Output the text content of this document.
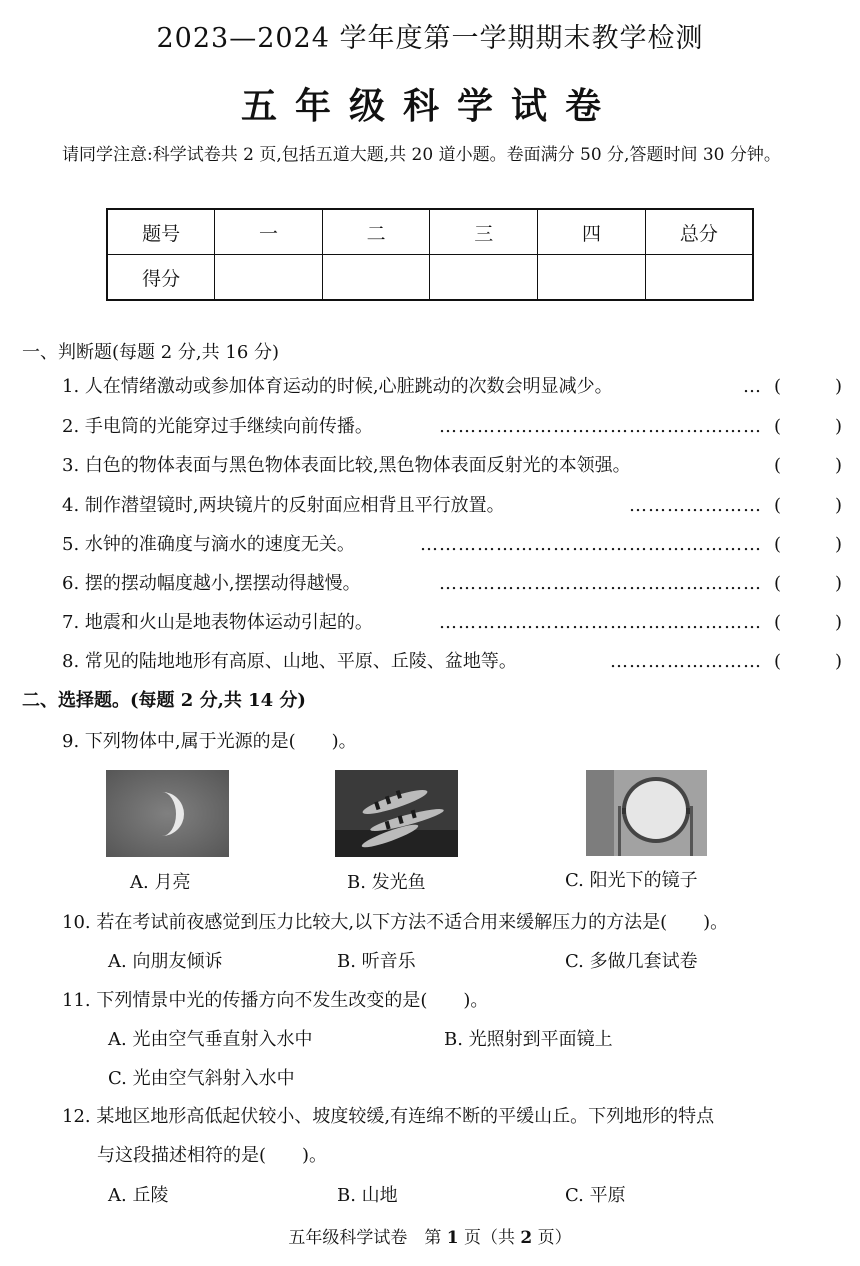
2023—2024 学年度第一学期期末教学检测
五年级科学试卷
请同学注意:科学试卷共 2 页,包括五道大题,共 20 道小题。卷面满分 50 分,答题时间 30 分钟。
题号	一	二	三	四	总分
得分					
一、判断题(每题 2 分,共 16 分)
1. 人在情绪激动或参加体育运动的时候,心脏跳动的次数会明显减少。	… (	)
2. 手电筒的光能穿过手继续向前传播。	…………………………………………… (	)
3. 白色的物体表面与黑色物体表面比较,黑色物体表面反射光的本领强。	(	)
4. 制作潜望镜时,两块镜片的反射面应相背且平行放置。	………………… (	)
5. 水钟的准确度与滴水的速度无关。	……………………………………………… (	)
6. 摆的摆动幅度越小,摆摆动得越慢。	…………………………………………… (	)
7. 地震和火山是地表物体运动引起的。	…………………………………………… (	)
8. 常见的陆地地形有高原、山地、平原、丘陵、盆地等。	…………………… (	)
二、选择题。(每题 2 分,共 14 分)
9. 下列物体中,属于光源的是(　　)。
A. 月亮	B. 发光鱼	C. 阳光下的镜子
10. 若在考试前夜感觉到压力比较大,以下方法不适合用来缓解压力的方法是(　　)。
A. 向朋友倾诉	B. 听音乐	C. 多做几套试卷
11. 下列情景中光的传播方向不发生改变的是(　　)。
A. 光由空气垂直射入水中	B. 光照射到平面镜上
C. 光由空气斜射入水中
12. 某地区地形高低起伏较小、坡度较缓,有连绵不断的平缓山丘。下列地形的特点
与这段描述相符的是(　　)。
A. 丘陵	B. 山地	C. 平原
五年级科学试卷　第 1 页（共 2 页）
